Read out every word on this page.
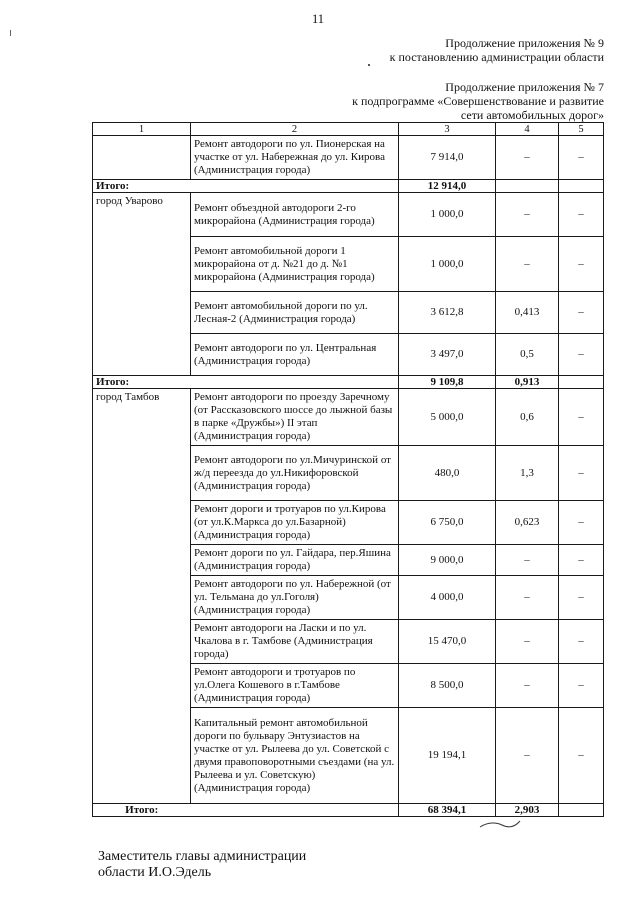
11
Продолжение приложения № 9
к постановлению администрации области
Продолжение приложения № 7
к подпрограмме «Совершенствование и развитие
сети автомобильных дорог»
1	2	3	4	5
	Ремонт автодороги по ул. Пионерская на участке от ул. Набережная до ул. Кирова (Администрация города)	7 914,0	–	–
Итого:		12 914,0		
город Уварово	Ремонт объездной автодороги 2-го микрорайона (Администрация города)	1 000,0	–	–
	Ремонт автомобильной дороги 1 микрорайона от д. №21 до д. №1 микрорайона (Администрация города)	1 000,0	–	–
	Ремонт автомобильной дороги по ул. Лесная-2 (Администрация города)	3 612,8	0,413	–
	Ремонт автодороги по ул. Центральная (Администрация города)	3 497,0	0,5	–
Итого:		9 109,8	0,913	
город Тамбов	Ремонт автодороги по проезду Заречному (от Рассказовского шоссе до лыжной базы в парке «Дружбы») II этап (Администрация города)	5 000,0	0,6	–
	Ремонт автодороги по ул.Мичуринской от ж/д переезда до ул.Никифоровской (Администрация города)	480,0	1,3	–
	Ремонт дороги и тротуаров по ул.Кирова (от ул.К.Маркса до ул.Базарной) (Администрация города)	6 750,0	0,623	–
	Ремонт дороги по ул. Гайдара, пер.Яшина (Администрация города)	9 000,0	–	–
	Ремонт автодороги по ул. Набережной (от ул. Тельмана до ул.Гоголя) (Администрация города)	4 000,0	–	–
	Ремонт автодороги на Ласки и по ул. Чкалова в г. Тамбове (Администрация города)	15 470,0	–	–
	Ремонт автодороги и тротуаров по ул.Олега Кошевого в г.Тамбове (Администрация города)	8 500,0	–	–
	Капитальный ремонт автомобильной дороги по бульвару Энтузиастов на участке от ул. Рылеева до ул. Советской с двумя правоповоротными съездами (на ул. Рылеева и ул. Советскую) (Администрация города)	19 194,1	–	–
Итого:		68 394,1	2,903	
Заместитель главы администрации
области И.О.Эдель
